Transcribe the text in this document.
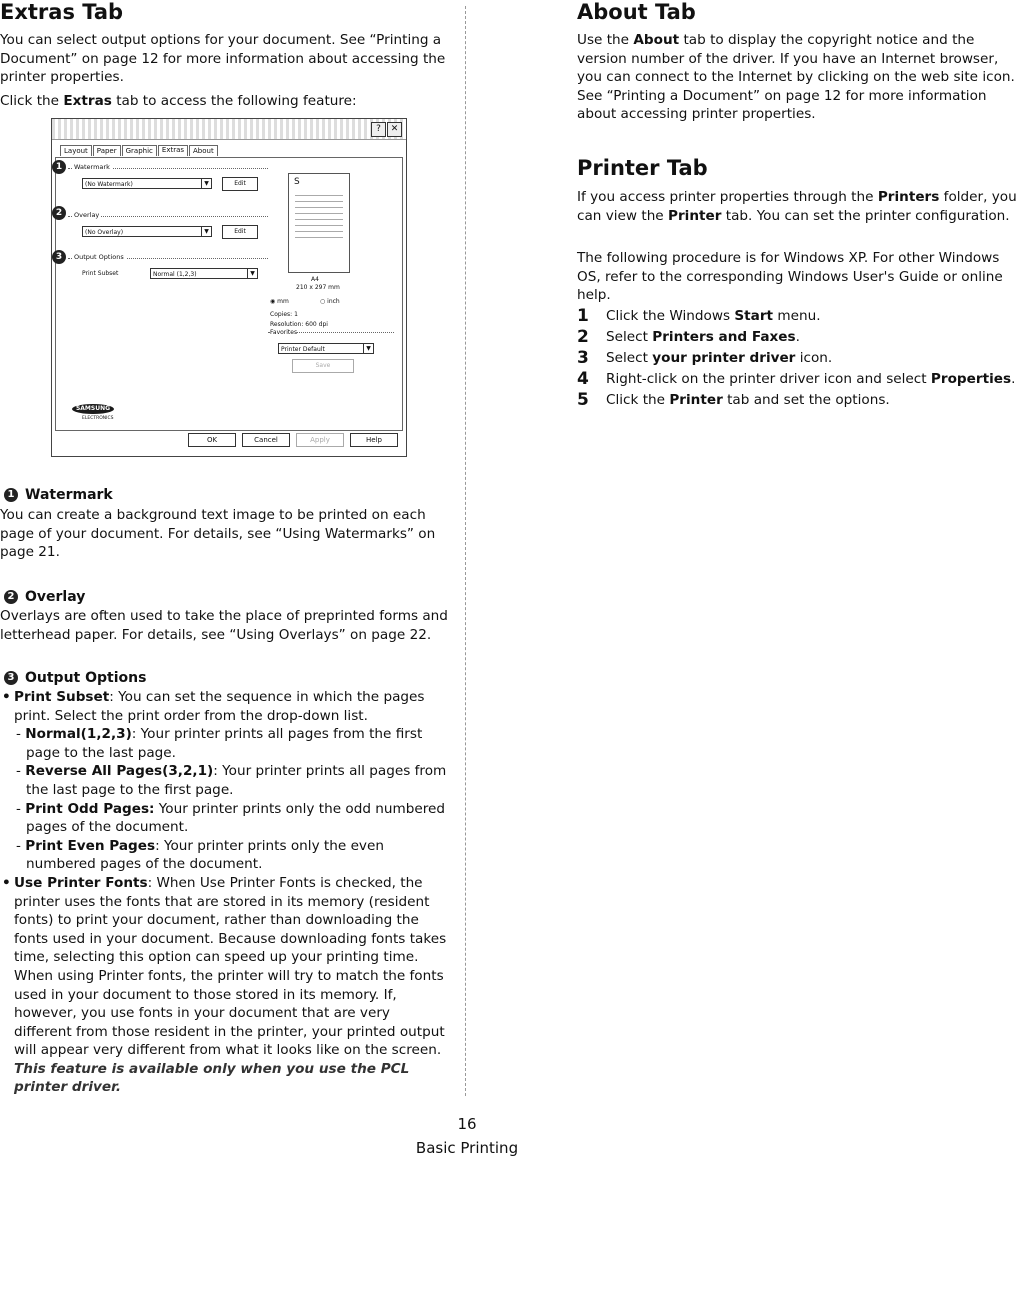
Extras Tab

You can select output options for your document. See “Printing a Document” on page 12 for more information about accessing the printer properties.

Click the Extras tab to access the following feature:

?	✕
Layout	Paper	Graphic	Extras	About
1	Watermark
(No Watermark)	▼	Edit
2	Overlay
(No Overlay)	▼	Edit
3	Output Options
Print Subset	Normal (1,2,3)	▼
S
A4
210 x 297 mm
◉ mm	○ inch
Copies: 1
Resolution: 600 dpi
Favorites
Printer Default	▼
Save
SAMSUNG
ELECTRONICS
OK	Cancel	Apply	Help
1 Watermark

You can create a background text image to be printed on each page of your document. For details, see “Using Watermarks” on page 21.

2 Overlay

Overlays are often used to take the place of preprinted forms and letterhead paper. For details, see “Using Overlays” on page 22.

3 Output Options
• Print Subset: You can set the sequence in which the pages print. Select the print order from the drop-down list.
- Normal(1,2,3): Your printer prints all pages from the first page to the last page.
- Reverse All Pages(3,2,1): Your printer prints all pages from the last page to the first page.
- Print Odd Pages: Your printer prints only the odd numbered pages of the document.
- Print Even Pages: Your printer prints only the even numbered pages of the document.
• Use Printer Fonts: When Use Printer Fonts is checked, the printer uses the fonts that are stored in its memory (resident fonts) to print your document, rather than downloading the fonts used in your document. Because downloading fonts takes time, selecting this option can speed up your printing time. When using Printer fonts, the printer will try to match the fonts used in your document to those stored in its memory. If, however, you use fonts in your document that are very different from those resident in the printer, your printed output will appear very different from what it looks like on the screen.
This feature is available only when you use the PCL printer driver.
About Tab

Use the About tab to display the copyright notice and the version number of the driver. If you have an Internet browser, you can connect to the Internet by clicking on the web site icon. See “Printing a Document” on page 12 for more information about accessing printer properties.

Printer Tab

If you access printer properties through the Printers folder, you can view the Printer tab. You can set the printer configuration.

The following procedure is for Windows XP. For other Windows OS, refer to the corresponding Windows User's Guide or online help.

1	Click the Windows Start menu.
2	Select Printers and Faxes.
3	Select your printer driver icon.
4	Right-click on the printer driver icon and select Properties.
5	Click the Printer tab and set the options.
16
Basic Printing
